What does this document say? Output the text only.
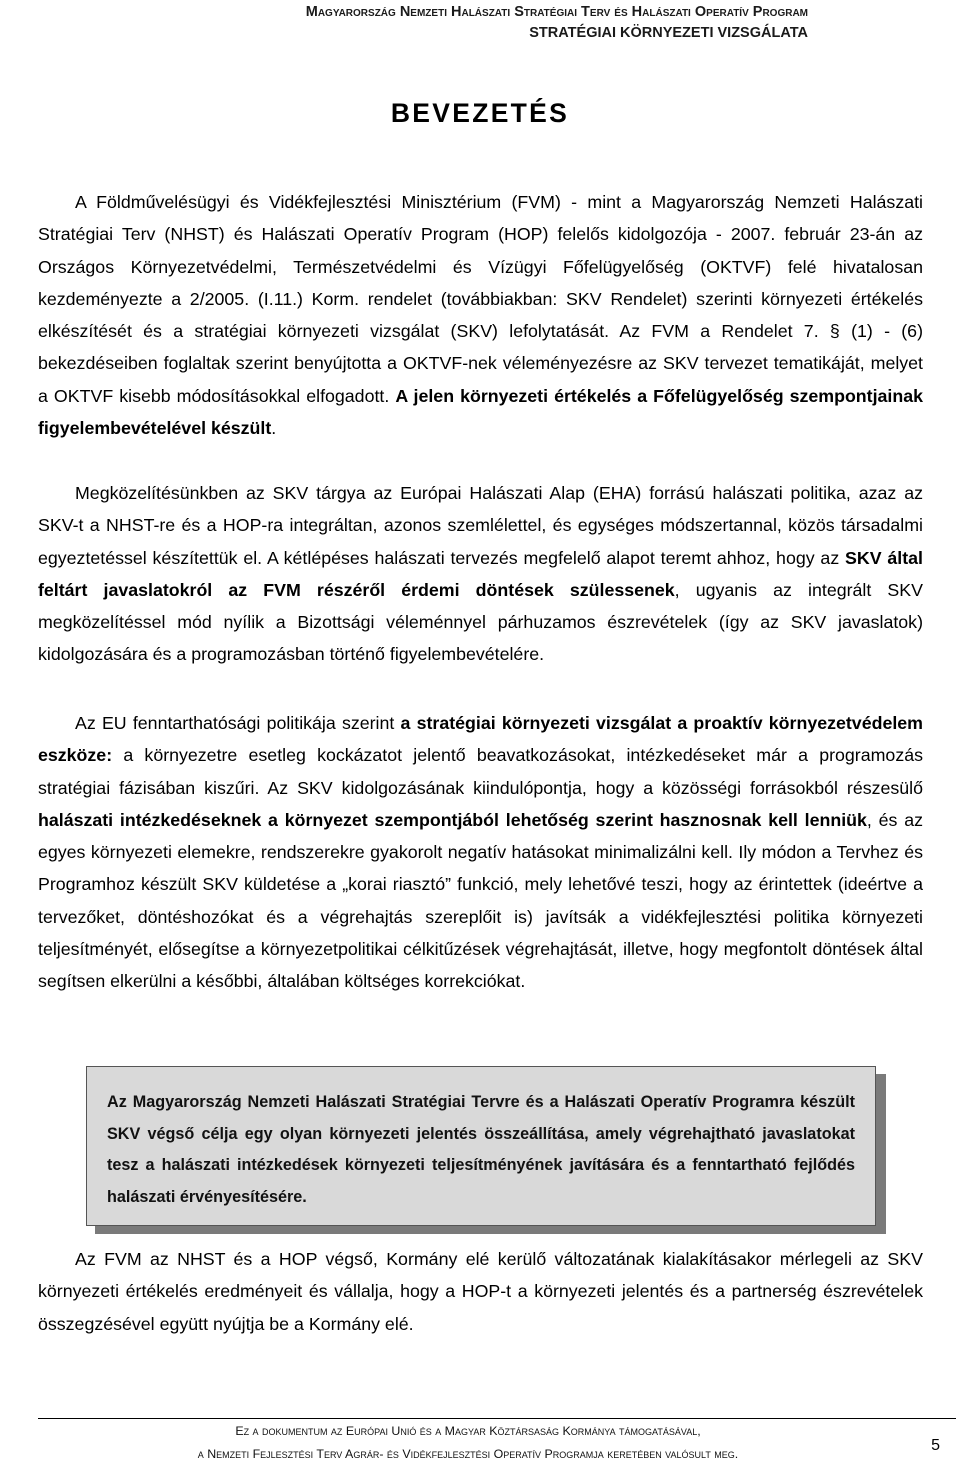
Magyarország Nemzeti Halászati Stratégiai Terv és Halászati Operatív Program
STRATÉGIAI KÖRNYEZETI VIZSGÁLATA
BEVEZETÉS

A Földművelésügyi és Vidékfejlesztési Minisztérium (FVM) - mint a Magyarország Nemzeti Halászati Stratégiai Terv (NHST) és Halászati Operatív Program (HOP) felelős kidolgozója - 2007. február 23-án az Országos Környezetvédelmi, Természetvédelmi és Vízügyi Főfelügyelőség (OKTVF) felé hivatalosan kezdeményezte a 2/2005. (I.11.) Korm. rendelet (továbbiakban: SKV Rendelet) szerinti környezeti értékelés elkészítését és a stratégiai környezeti vizsgálat (SKV) lefolytatását. Az FVM a Rendelet 7. § (1) - (6) bekezdéseiben foglaltak szerint benyújtotta a OKTVF-nek véleményezésre az SKV tervezet tematikáját, melyet a OKTVF kisebb módosításokkal elfogadott. A jelen környezeti értékelés a Főfelügyelőség szempontjainak figyelembevételével készült.

Megközelítésünkben az SKV tárgya az Európai Halászati Alap (EHA) forrású halászati politika, azaz az SKV-t a NHST-re és a HOP-ra integráltan, azonos szemlélettel, és egységes módszertannal, közös társadalmi egyeztetéssel készítettük el. A kétlépéses halászati tervezés megfelelő alapot teremt ahhoz, hogy az SKV által feltárt javaslatokról az FVM részéről érdemi döntések szülessenek, ugyanis az integrált SKV megközelítéssel mód nyílik a Bizottsági véleménnyel párhuzamos észrevételek (így az SKV javaslatok) kidolgozására és a programozásban történő figyelembevételére.

Az EU fenntarthatósági politikája szerint a stratégiai környezeti vizsgálat a proaktív környezetvédelem eszköze: a környezetre esetleg kockázatot jelentő beavatkozásokat, intézkedéseket már a programozás stratégiai fázisában kiszűri. Az SKV kidolgozásának kiindulópontja, hogy a közösségi forrásokból részesülő halászati intézkedéseknek a környezet szempontjából lehetőség szerint hasznosnak kell lenniük, és az egyes környezeti elemekre, rendszerekre gyakorolt negatív hatásokat minimalizálni kell. Ily módon a Tervhez és Programhoz készült SKV küldetése a „korai riasztó” funkció, mely lehetővé teszi, hogy az érintettek (ideértve a tervezőket, döntéshozókat és a végrehajtás szereplőit is) javítsák a vidékfejlesztési politika környezeti teljesítményét, elősegítse a környezetpolitikai célkitűzések végrehajtását, illetve, hogy megfontolt döntések által segítsen elkerülni a későbbi, általában költséges korrekciókat.

Az Magyarország Nemzeti Halászati Stratégiai Tervre és a Halászati Operatív Programra készült SKV végső célja egy olyan környezeti jelentés összeállítása, amely végrehajtható javaslatokat tesz a halászati intézkedések környezeti teljesítményének javítására és a fenntartható fejlődés halászati érvényesítésére.

Az FVM az NHST és a HOP végső, Kormány elé kerülő változatának kialakításakor mérlegeli az SKV környezeti értékelés eredményeit és vállalja, hogy a HOP-t a környezeti jelentés és a partnerség észrevételek összegzésével együtt nyújtja be a Kormány elé.

Ez a dokumentum az Európai Unió és a Magyar Köztársaság Kormánya támogatásával,
a Nemzeti Fejlesztési Terv Agrár- és Vidékfejlesztési Operatív Programja keretében valósult meg.	5
